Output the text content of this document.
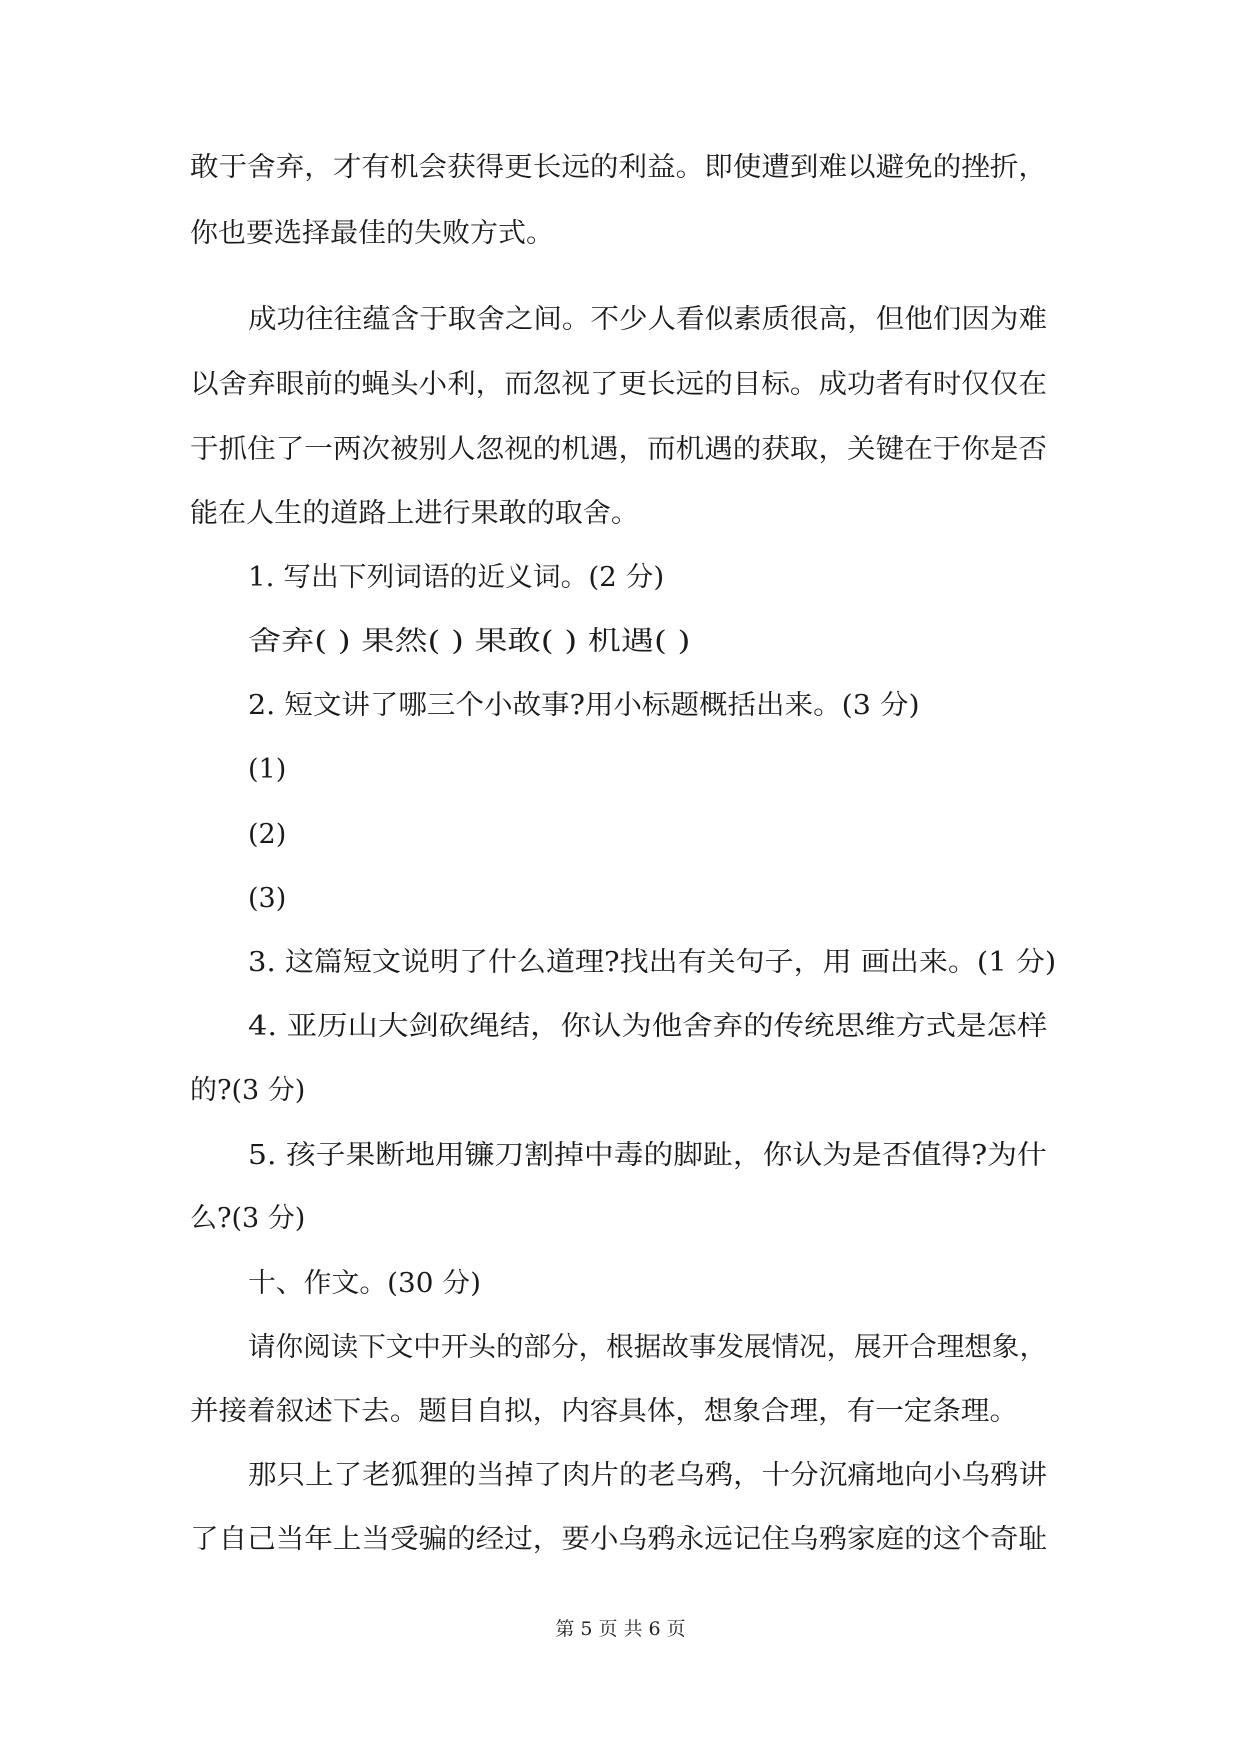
敢于舍弃，才有机会获得更长远的利益。即使遭到难以避免的挫折，

你也要选择最佳的失败方式。

成功往往蕴含于取舍之间。不少人看似素质很高，但他们因为难

以舍弃眼前的蝇头小利，而忽视了更长远的目标。成功者有时仅仅在

于抓住了一两次被别人忽视的机遇，而机遇的获取，关键在于你是否

能在人生的道路上进行果敢的取舍。

1. 写出下列词语的近义词。(2 分)

舍弃( ) 果然( ) 果敢( ) 机遇( )

2. 短文讲了哪三个小故事?用小标题概括出来。(3 分)

(1)

(2)

(3)

3. 这篇短文说明了什么道理?找出有关句子，用 画出来。(1 分)

4. 亚历山大剑砍绳结，你认为他舍弃的传统思维方式是怎样

的?(3 分)

5. 孩子果断地用镰刀割掉中毒的脚趾，你认为是否值得?为什

么?(3 分)

十、作文。(30 分)

请你阅读下文中开头的部分，根据故事发展情况，展开合理想象，

并接着叙述下去。题目自拟，内容具体，想象合理，有一定条理。

那只上了老狐狸的当掉了肉片的老乌鸦，十分沉痛地向小乌鸦讲

了自己当年上当受骗的经过，要小乌鸦永远记住乌鸦家庭的这个奇耻

第 5 页 共 6 页
